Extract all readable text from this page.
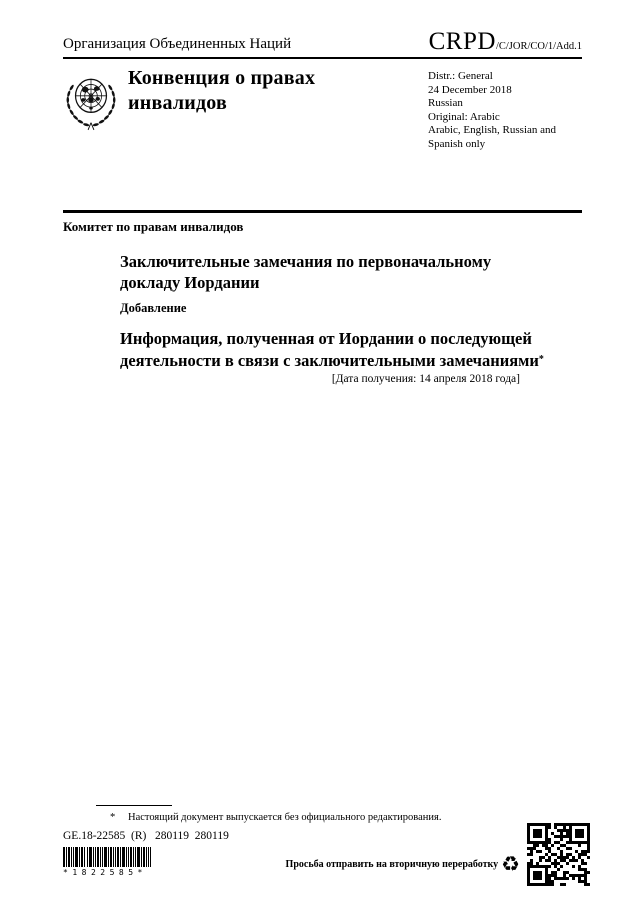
Организация Объединенных Наций	CRPD/C/JOR/CO/1/Add.1
Конвенция о правах
инвалидов
Distr.: General
24 December 2018
Russian
Original: Arabic
Arabic, English, Russian and
Spanish only
Комитет по правам инвалидов
Заключительные замечания по первоначальному
докладу Иордании
Добавление
Информация, полученная от Иордании о последующей
деятельности в связи с заключительными замечаниями*
[Дата получения: 14 апреля 2018 года]
* Настоящий документ выпускается без официального редактирования.
GE.18-22585  (R)   280119  280119
*1822585*
Просьба отправить на вторичную переработку ♻
